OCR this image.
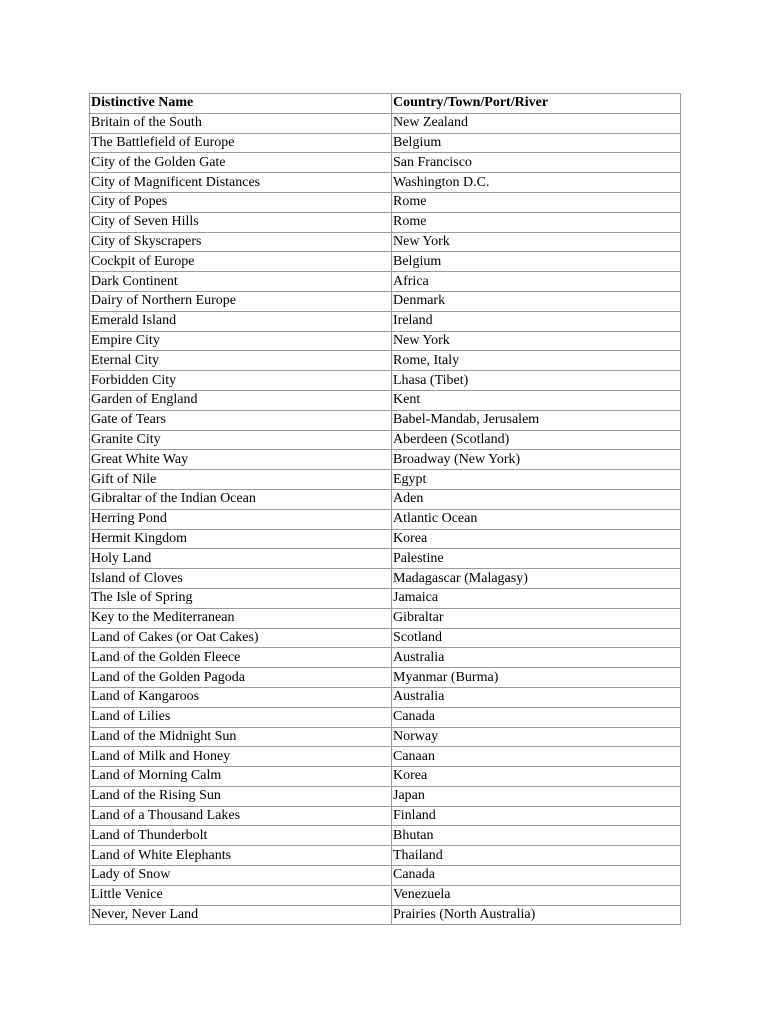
Distinctive Name	Country/Town/Port/River
Britain of the South	New Zealand
The Battlefield of Europe	Belgium
City of the Golden Gate	San Francisco
City of Magnificent Distances	Washington D.C.
City of Popes	Rome
City of Seven Hills	Rome
City of Skyscrapers	New York
Cockpit of Europe	Belgium
Dark Continent	Africa
Dairy of Northern Europe	Denmark
Emerald Island	Ireland
Empire City	New York
Eternal City	Rome, Italy
Forbidden City	Lhasa (Tibet)
Garden of England	Kent
Gate of Tears	Babel-Mandab, Jerusalem
Granite City	Aberdeen (Scotland)
Great White Way	Broadway (New York)
Gift of Nile	Egypt
Gibraltar of the Indian Ocean	Aden
Herring Pond	Atlantic Ocean
Hermit Kingdom	Korea
Holy Land	Palestine
Island of Cloves	Madagascar (Malagasy)
The Isle of Spring	Jamaica
Key to the Mediterranean	Gibraltar
Land of Cakes (or Oat Cakes)	Scotland
Land of the Golden Fleece	Australia
Land of the Golden Pagoda	Myanmar (Burma)
Land of Kangaroos	Australia
Land of Lilies	Canada
Land of the Midnight Sun	Norway
Land of Milk and Honey	Canaan
Land of Morning Calm	Korea
Land of the Rising Sun	Japan
Land of a Thousand Lakes	Finland
Land of Thunderbolt	Bhutan
Land of White Elephants	Thailand
Lady of Snow	Canada
Little Venice	Venezuela
Never, Never Land	Prairies (North Australia)
